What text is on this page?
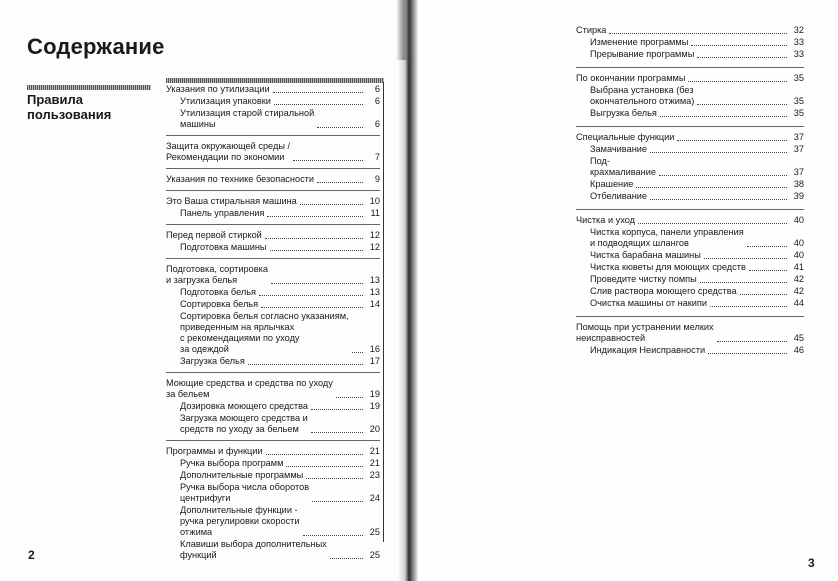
Содержание
Правила пользования
Указания по утилизации	6
Утилизация упаковки	6
Утилизация старой стиральной
машины	6
Защита окружающей среды /
Рекомендации по экономии	7
Указания по технике безопасности	9
Это Ваша стиральная машина	10
Панель управления	11
Перед первой стиркой	12
Подготовка машины	12
Подготовка, сортировка
и загрузка белья	13
Подготовка белья	13
Сортировка белья	14
Сортировка белья согласно указаниям,
приведенным на ярлычках
с рекомендациями по уходу
за одеждой	16
Загрузка белья	17
Моющие средства и средства по уходу
за бельем	19
Дозировка моющего средства	19
Загрузка моющего средства и
средств по уходу за бельем	20
Программы и функции	21
Ручка выбора программ	21
Дополнительные программы	23
Ручка выбора числа оборотов
центрифуги	24
Дополнительные функции -
ручка регулировки скорости
отжима	25
Клавиши выбора дополнительных
функций	25
Стирка	32
Изменение программы	33
Прерывание программы	33
По окончании программы	35
Выбрана установка (без
окончательного отжима)	35
Выгрузка белья	35
Специальные функции	37
Замачивание	37
Под-
крахмаливание	37
Крашение	38
Отбеливание	39
Чистка и уход	40
Чистка корпуса, панели управления
и подводящих шлангов	40
Чистка барабана машины	40
Чистка кюветы для моющих средств	41
Проведите чистку помпы	42
Слив раствора моющего средства	42
Очистка машины от накипи	44
Помощь при устранении мелких
неисправностей	45
Индикация Неисправности	46
2
3
